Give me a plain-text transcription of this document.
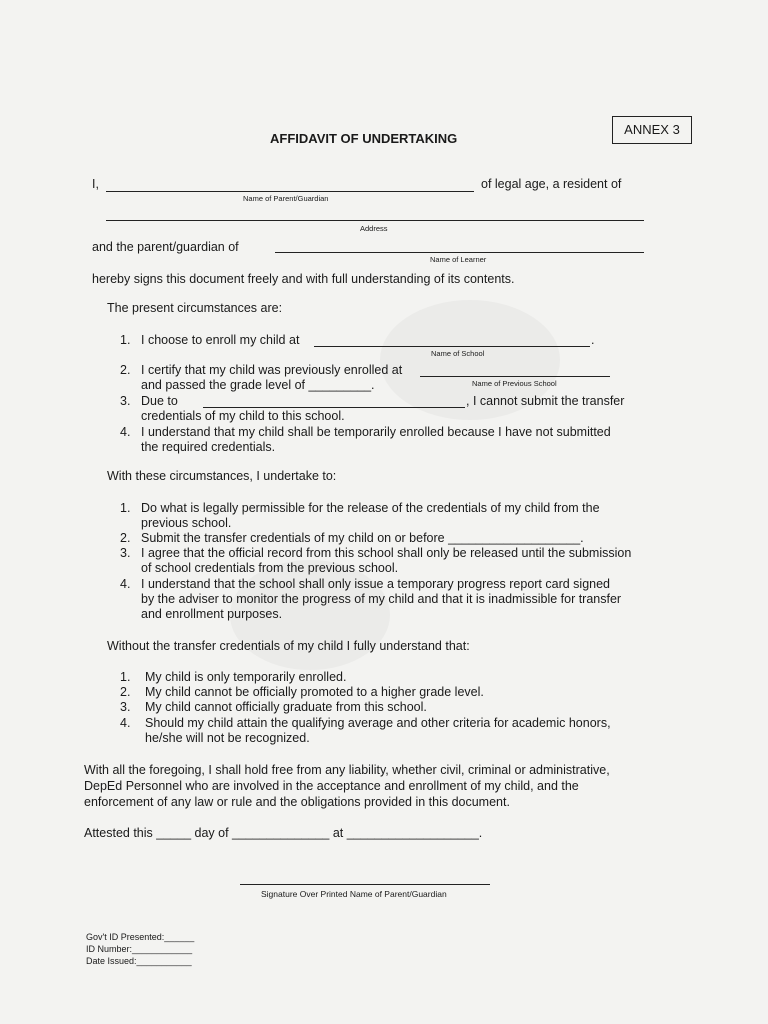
ANNEX 3
AFFIDAVIT OF UNDERTAKING
I,
Name of Parent/Guardian
of legal age, a resident of
Address
and the parent/guardian of
Name of Learner
hereby signs this document freely and with full understanding of its contents.
The present circumstances are:
1. I choose to enroll my child at	.
Name of School
2. I certify that my child was previously enrolled at
and passed the grade level of _________.	Name of Previous School
3. Due to	, I cannot submit the transfer
credentials of my child to this school.
4. I understand that my child shall be temporarily enrolled because I have not submitted
the required credentials.
With these circumstances, I undertake to:
1. Do what is legally permissible for the release of the credentials of my child from the
previous school.
2. Submit the transfer credentials of my child on or before ___________________.
3. I agree that the official record from this school shall only be released until the submission
of school credentials from the previous school.
4. I understand that the school shall only issue a temporary progress report card signed
by the adviser to monitor the progress of my child and that it is inadmissible for transfer
and enrollment purposes.
Without the transfer credentials of my child I fully understand that:
1. My child is only temporarily enrolled.
2. My child cannot be officially promoted to a higher grade level.
3. My child cannot officially graduate from this school.
4. Should my child attain the qualifying average and other criteria for academic honors,
he/she will not be recognized.
With all the foregoing, I shall hold free from any liability, whether civil, criminal or administrative,
DepEd Personnel who are involved in the acceptance and enrollment of my child, and the
enforcement of any law or rule and the obligations provided in this document.
Attested this _____ day of ______________ at ___________________.
Signature Over Printed Name of Parent/Guardian
Gov't ID Presented:______
ID Number:____________
Date Issued:___________
